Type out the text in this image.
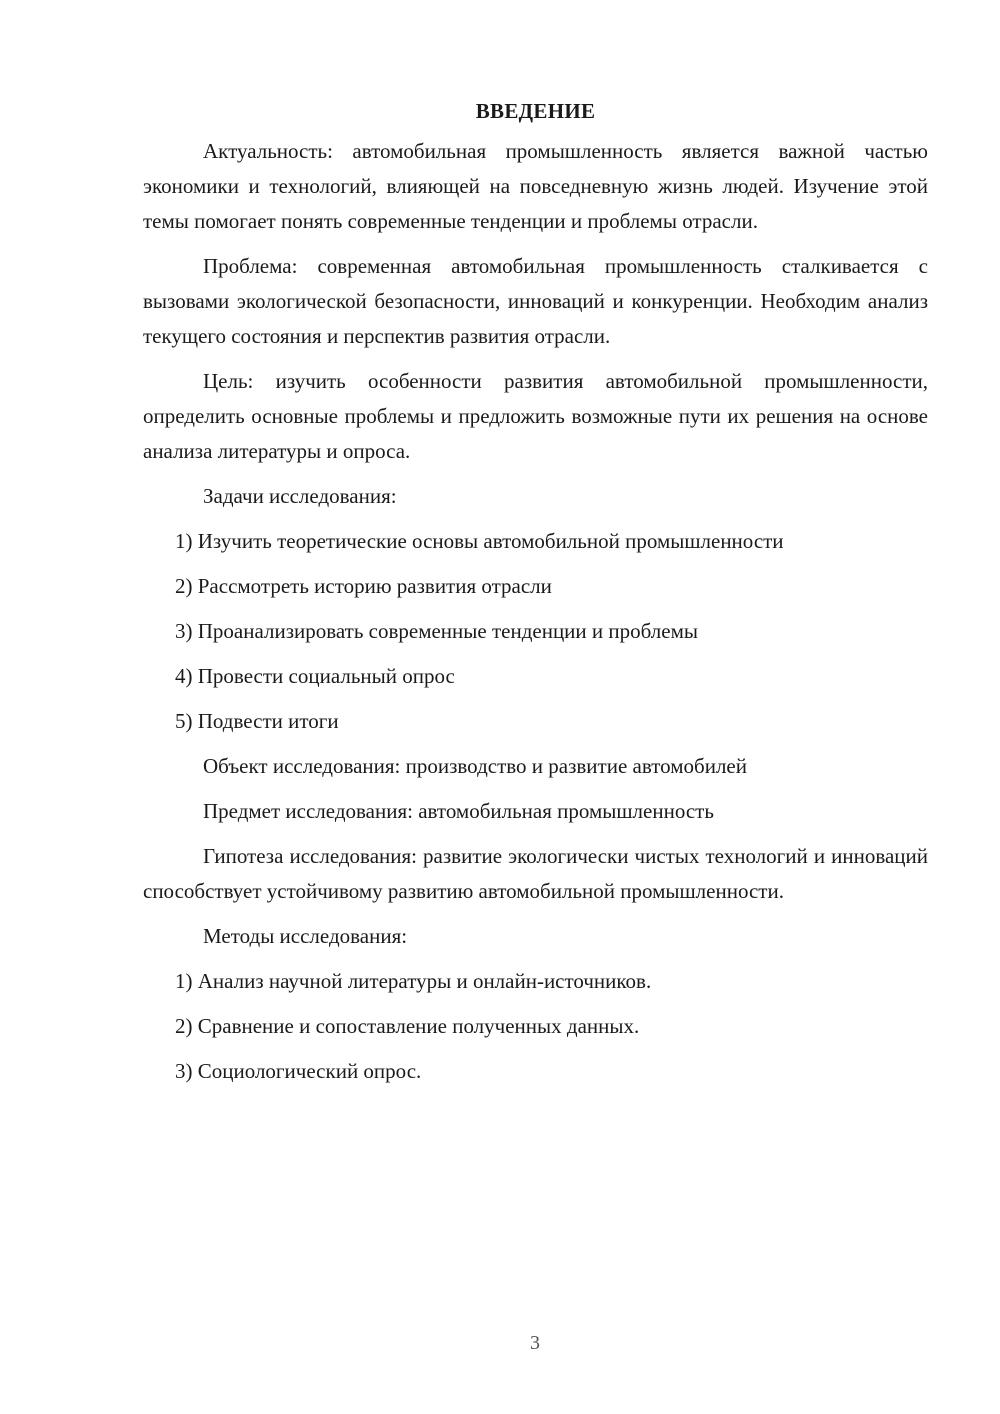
ВВЕДЕНИЕ

Актуальность: автомобильная промышленность является важной частью экономики и технологий, влияющей на повседневную жизнь людей. Изучение этой темы помогает понять современные тенденции и проблемы отрасли.

Проблема: современная автомобильная промышленность сталкивается с вызовами экологической безопасности, инноваций и конкуренции. Необходим анализ текущего состояния и перспектив развития отрасли.

Цель: изучить особенности развития автомобильной промышленности, определить основные проблемы и предложить возможные пути их решения на основе анализа литературы и опроса.

Задачи исследования:

1) Изучить теоретические основы автомобильной промышленности

2) Рассмотреть историю развития отрасли

3) Проанализировать современные тенденции и проблемы

4) Провести социальный опрос

5) Подвести итоги

Объект исследования: производство и развитие автомобилей

Предмет исследования: автомобильная промышленность

Гипотеза исследования: развитие экологически чистых технологий и инноваций способствует устойчивому развитию автомобильной промышленности.

Методы исследования:

1) Анализ научной литературы и онлайн-источников.

2) Сравнение и сопоставление полученных данных.

3) Социологический опрос.

3
